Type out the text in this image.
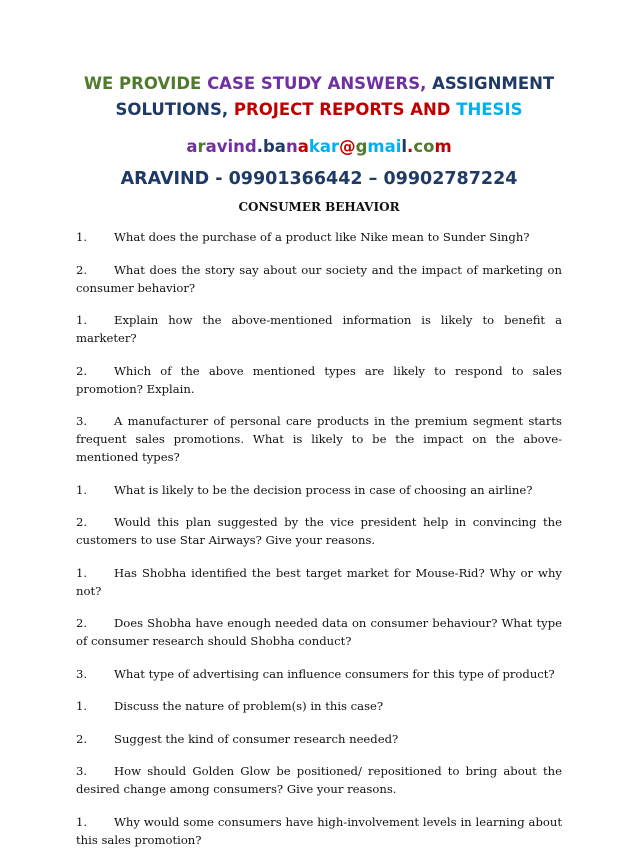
WE PROVIDE CASE STUDY ANSWERS, ASSIGNMENT
SOLUTIONS, PROJECT REPORTS AND THESIS
aravind.banakar@gmail.com
ARAVIND - 09901366442 – 09902787224
CONSUMER BEHAVIOR
1. What does the purchase of a product like Nike mean to Sunder Singh?
2. What does the story say about our society and the impact of marketing on consumer behavior?
1. Explain how the above-mentioned information is likely to benefit a marketer?
2. Which of the above mentioned types are likely to respond to sales promotion? Explain.
3. A manufacturer of personal care products in the premium segment starts frequent sales promotions. What is likely to be the impact on the above-mentioned types?
1. What is likely to be the decision process in case of choosing an airline?
2. Would this plan suggested by the vice president help in convincing the customers to use Star Airways? Give your reasons.
1. Has Shobha identified the best target market for Mouse-Rid? Why or why not?
2. Does Shobha have enough needed data on consumer behaviour? What type of consumer research should Shobha conduct?
3. What type of advertising can influence consumers for this type of product?
1. Discuss the nature of problem(s) in this case?
2. Suggest the kind of consumer research needed?
3. How should Golden Glow be positioned/ repositioned to bring about the desired change among consumers? Give your reasons.
1. Why would some consumers have high-involvement levels in learning about this sales promotion?
